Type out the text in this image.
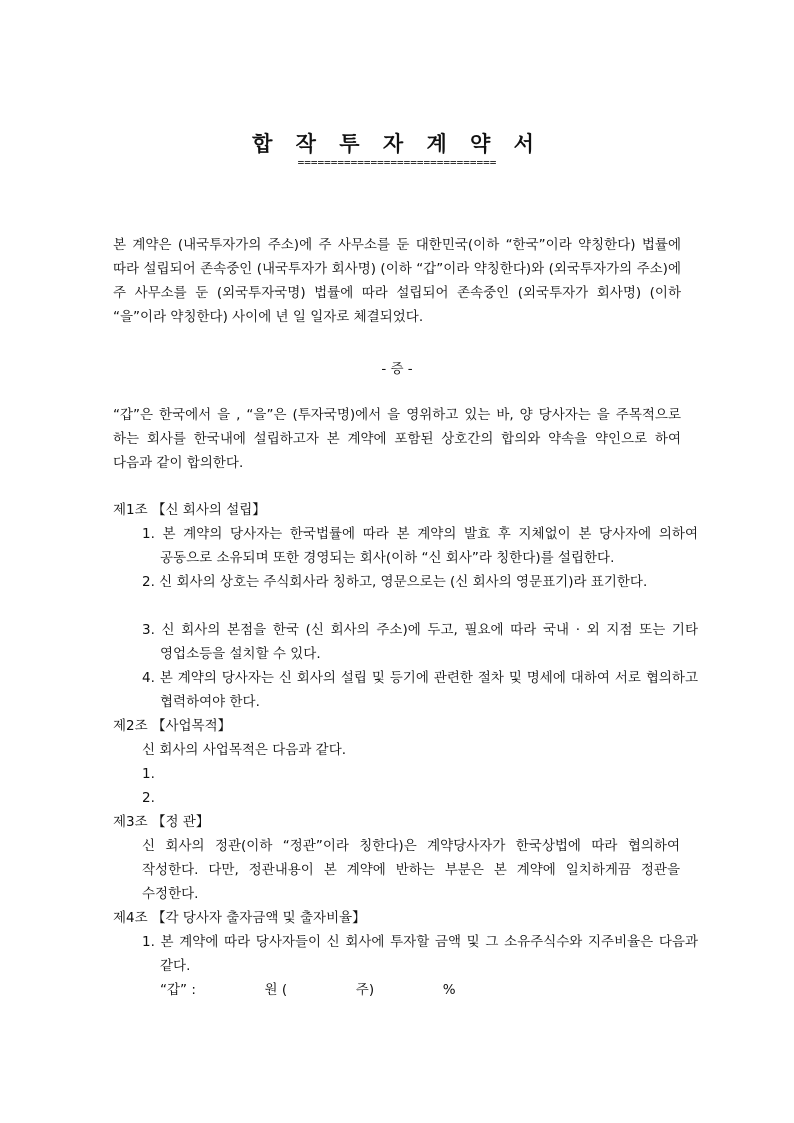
합 작 투 자 계 약 서
==============================
본 계약은 (내국투자가의 주소)에 주 사무소를 둔 대한민국(이하 “한국”이라 약칭한다) 법률에 따라 설립되어 존속중인 (내국투자가 회사명) (이하 “갑”이라 약칭한다)와 (외국투자가의 주소)에 주 사무소를 둔 (외국투자국명) 법률에 따라 설립되어 존속중인 (외국투자가 회사명) (이하 “을”이라 약칭한다) 사이에 년 일 일자로 체결되었다.
- 증 -
“갑”은 한국에서 을 , “을”은 (투자국명)에서 을 영위하고 있는 바, 양 당사자는 을 주목적으로 하는 회사를 한국내에 설립하고자 본 계약에 포함된 상호간의 합의와 약속을 약인으로 하여 다음과 같이 합의한다.
제1조 【신 회사의 설립】
1. 본 계약의 당사자는 한국법률에 따라 본 계약의 발효 후 지체없이 본 당사자에 의하여 공동으로 소유되며 또한 경영되는 회사(이하 “신 회사”라 칭한다)를 설립한다.
2. 신 회사의 상호는 주식회사라 칭하고, 영문으로는 (신 회사의 영문표기)라 표기한다.
3. 신 회사의 본점을 한국 (신 회사의 주소)에 두고, 필요에 따라 국내 · 외 지점 또는 기타 영업소등을 설치할 수 있다.
4. 본 계약의 당사자는 신 회사의 설립 및 등기에 관련한 절차 및 명세에 대하여 서로 협의하고 협력하여야 한다.
제2조 【사업목적】
신 회사의 사업목적은 다음과 같다.
1.
2.
제3조 【정 관】
신 회사의 정관(이하 “정관”이라 칭한다)은 계약당사자가 한국상법에 따라 협의하여 작성한다. 다만, 정관내용이 본 계약에 반하는 부분은 본 계약에 일치하게끔 정관을 수정한다.
제4조 【각 당사자 출자금액 및 출자비율】
1. 본 계약에 따라 당사자들이 신 회사에 투자할 금액 및 그 소유주식수와 지주비율은 다음과 같다.
“갑” :                원 (                주)                %
